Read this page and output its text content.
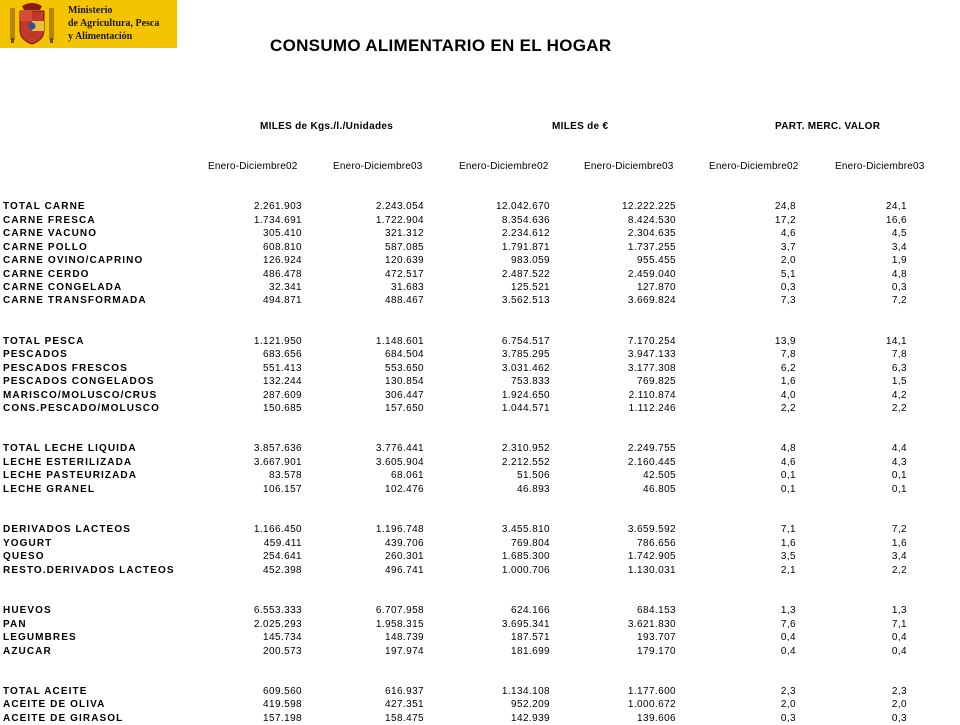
Ministerio
de Agricultura, Pesca
y Alimentación	CONSUMO ALIMENTARIO EN EL HOGAR
MILES de Kgs./l./Unidades	MILES de €	PART. MERC. VALOR
Enero-Diciembre02	Enero-Diciembre03	Enero-Diciembre02	Enero-Diciembre03	Enero-Diciembre02	Enero-Diciembre03
TOTAL CARNE	2.261.903	2.243.054	12.042.670	12.222.225	24,8	24,1
CARNE FRESCA	1.734.691	1.722.904	8.354.636	8.424.530	17,2	16,6
CARNE VACUNO	305.410	321.312	2.234.612	2.304.635	4,6	4,5
CARNE POLLO	608.810	587.085	1.791.871	1.737.255	3,7	3,4
CARNE OVINO/CAPRINO	126.924	120.639	983.059	955.455	2,0	1,9
CARNE CERDO	486.478	472.517	2.487.522	2.459.040	5,1	4,8
CARNE CONGELADA	32.341	31.683	125.521	127.870	0,3	0,3
CARNE TRANSFORMADA	494.871	488.467	3.562.513	3.669.824	7,3	7,2
TOTAL PESCA	1.121.950	1.148.601	6.754.517	7.170.254	13,9	14,1
PESCADOS	683.656	684.504	3.785.295	3.947.133	7,8	7,8
PESCADOS FRESCOS	551.413	553.650	3.031.462	3.177.308	6,2	6,3
PESCADOS CONGELADOS	132.244	130.854	753.833	769.825	1,6	1,5
MARISCO/MOLUSCO/CRUS	287.609	306.447	1.924.650	2.110.874	4,0	4,2
CONS.PESCADO/MOLUSCO	150.685	157.650	1.044.571	1.112.246	2,2	2,2
TOTAL LECHE LIQUIDA	3.857.636	3.776.441	2.310.952	2.249.755	4,8	4,4
LECHE ESTERILIZADA	3.667.901	3.605.904	2.212.552	2.160.445	4,6	4,3
LECHE PASTEURIZADA	83.578	68.061	51.506	42.505	0,1	0,1
LECHE GRANEL	106.157	102.476	46.893	46.805	0,1	0,1
DERIVADOS LACTEOS	1.166.450	1.196.748	3.455.810	3.659.592	7,1	7,2
YOGURT	459.411	439.706	769.804	786.656	1,6	1,6
QUESO	254.641	260.301	1.685.300	1.742.905	3,5	3,4
RESTO.DERIVADOS LACTEOS	452.398	496.741	1.000.706	1.130.031	2,1	2,2
HUEVOS	6.553.333	6.707.958	624.166	684.153	1,3	1,3
PAN	2.025.293	1.958.315	3.695.341	3.621.830	7,6	7,1
LEGUMBRES	145.734	148.739	187.571	193.707	0,4	0,4
AZUCAR	200.573	197.974	181.699	179.170	0,4	0,4
TOTAL ACEITE	609.560	616.937	1.134.108	1.177.600	2,3	2,3
ACEITE DE OLIVA	419.598	427.351	952.209	1.000.672	2,0	2,0
ACEITE DE GIRASOL	157.198	158.475	142.939	139.606	0,3	0,3
